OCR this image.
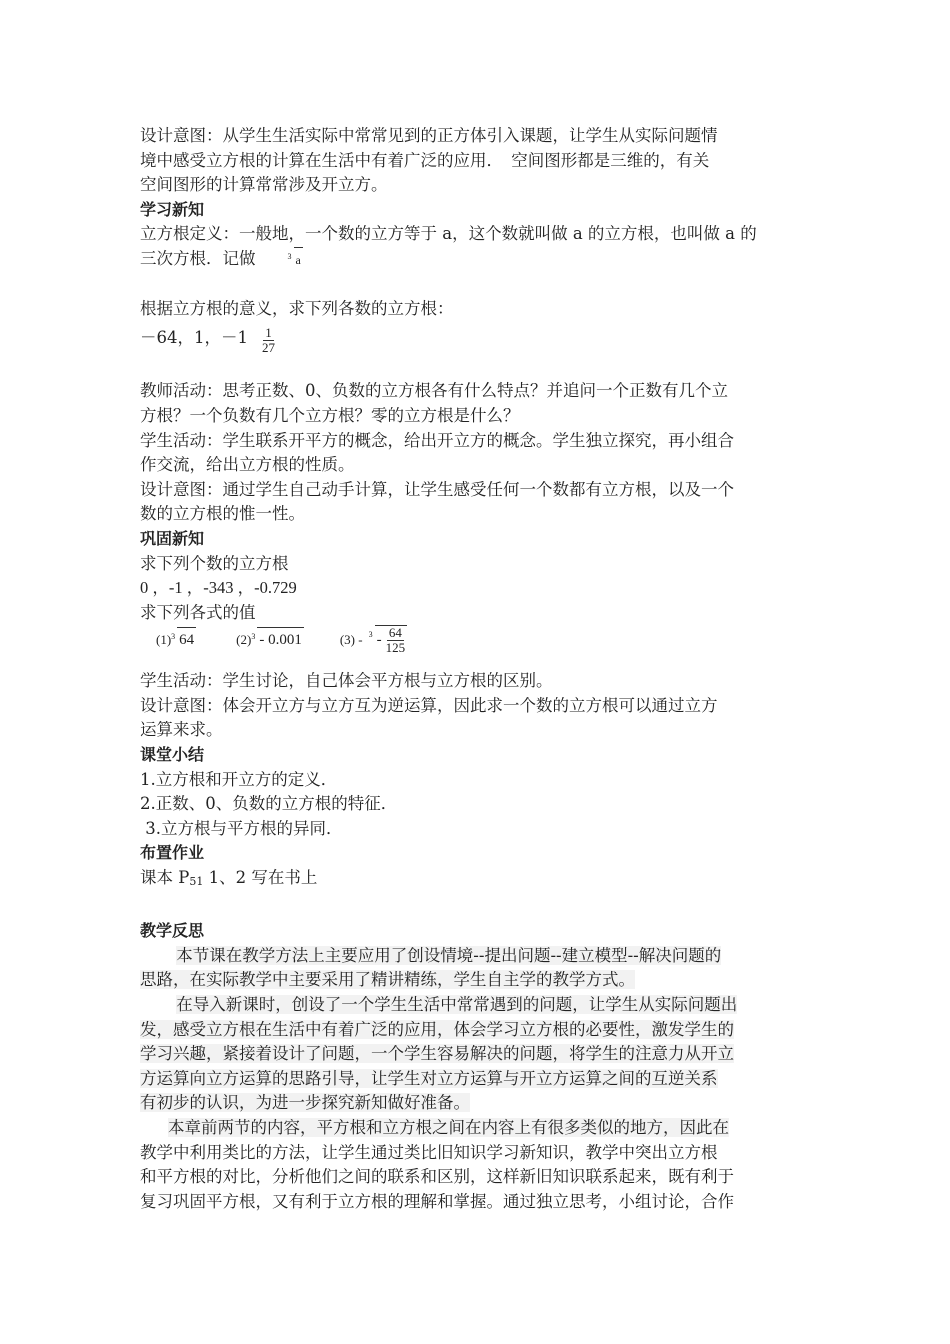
设计意图：从学生生活实际中常常见到的正方体引入课题，让学生从实际问题情

境中感受立方根的计算在生活中有着广泛的应用．　空间图形都是三维的，有关

空间图形的计算常常涉及开立方。

学习新知

立方根定义：一般地，一个数的立方等于 a，这个数就叫做 a 的立方根，也叫做 a 的

三次方根．记做	3 a

根据立方根的意义，求下列各数的立方根：

－64，1，$-1 \frac{1}{27}$

教师活动：思考正数、0、负数的立方根各有什么特点？并追问一个正数有几个立

方根？一个负数有几个立方根？零的立方根是什么？

学生活动：学生联系开平方的概念，给出开立方的概念。学生独立探究，再小组合

作交流，给出立方根的性质。

设计意图：通过学生自己动手计算，让学生感受任何一个数都有立方根，以及一个

数的立方根的惟一性。

巩固新知

求下列个数的立方根

0 ，-1 ，-343 ，-0.729

求下列各式的值

(1) 3 64	(2) 3 - 0.001	$(3) - 3 - \frac{64}{125}$

学生活动：学生讨论，自己体会平方根与立方根的区别。

设计意图：体会开立方与立方互为逆运算，因此求一个数的立方根可以通过立方

运算来求。

课堂小结

1.立方根和开立方的定义．

2.正数、0、负数的立方根的特征．

3.立方根与平方根的异同．

布置作业

课本 P51 1、2 写在书上

教学反思

本节课在教学方法上主要应用了创设情境--提出问题--建立模型--解决问题的

思路，在实际教学中主要采用了精讲精练，学生自主学的教学方式。

在导入新课时，创设了一个学生生活中常常遇到的问题，让学生从实际问题出

发，感受立方根在生活中有着广泛的应用，体会学习立方根的必要性，激发学生的

学习兴趣，紧接着设计了问题，一个学生容易解决的问题，将学生的注意力从开立

方运算向立方运算的思路引导，让学生对立方运算与开立方运算之间的互逆关系

有初步的认识，为进一步探究新知做好准备。

本章前两节的内容，平方根和立方根之间在内容上有很多类似的地方，因此在

教学中利用类比的方法，让学生通过类比旧知识学习新知识，教学中突出立方根

和平方根的对比，分析他们之间的联系和区别，这样新旧知识联系起来，既有利于

复习巩固平方根，又有利于立方根的理解和掌握。通过独立思考，小组讨论，合作
